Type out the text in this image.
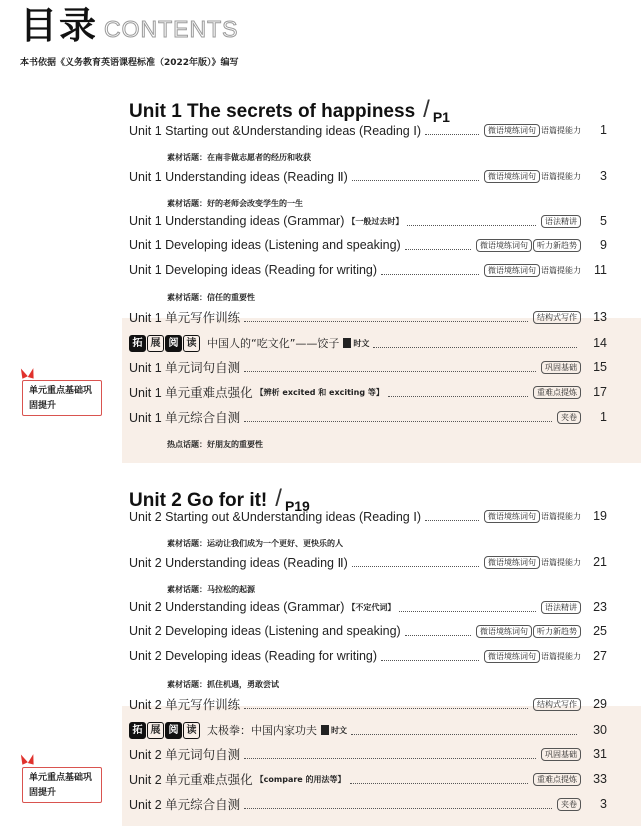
目录 CONTENTS
本书依据《义务教育英语课程标准（2022年版）》编写
Unit 1 The secrets of happiness / $_{P1}$
Unit 1 Starting out &Understanding ideas (Reading Ⅰ)	微语境练词句 语篇提能力	1
Unit 1 Understanding ideas (Reading Ⅱ)	微语境练词句 语篇提能力	3
Unit 1 Understanding ideas (Grammar) 【一般过去时】	语法精讲	5
Unit 1 Developing ideas (Listening and speaking)	微语境练词句	听力新趋势	9
Unit 1 Developing ideas (Reading for writing)	微语境练词句 语篇提能力	11
Unit 1 单元写作训练	结构式写作	13
拓 展 阅 读 中国人的“吃文化”——饺子 时文	14
Unit 1 单元词句自测	巩固基础	15
Unit 1 单元重难点强化 【辨析 excited 和 exciting 等】	重难点提炼	17
Unit 1 单元综合自测	夹卷	1
素材话题：在南非做志愿者的经历和收获
素材话题：好的老师会改变学生的一生
素材话题：信任的重要性
热点话题：好朋友的重要性
单元重点基础巩固提升
Unit 2 Go for it! / $_{P19}$
Unit 2 Starting out &Understanding ideas (Reading Ⅰ)	微语境练词句 语篇提能力 19
Unit 2 Understanding ideas (Reading Ⅱ)	微语境练词句 语篇提能力 21
Unit 2 Understanding ideas (Grammar) 【不定代词】	语法精讲	23
Unit 2 Developing ideas (Listening and speaking)	微语境练词句	听力新趋势	25
Unit 2 Developing ideas (Reading for writing)	微语境练词句 语篇提能力 27
Unit 2 单元写作训练	结构式写作	29
拓 展 阅 读 太极拳：中国内家功夫 时文	30
Unit 2 单元词句自测	巩固基础	31
Unit 2 单元重难点强化 【compare 的用法等】	重难点提炼	33
Unit 2 单元综合自测	夹卷	3
素材话题：运动让我们成为一个更好、更快乐的人
素材话题：马拉松的起源
素材话题：抓住机遇，勇敢尝试
单元重点基础巩固提升
